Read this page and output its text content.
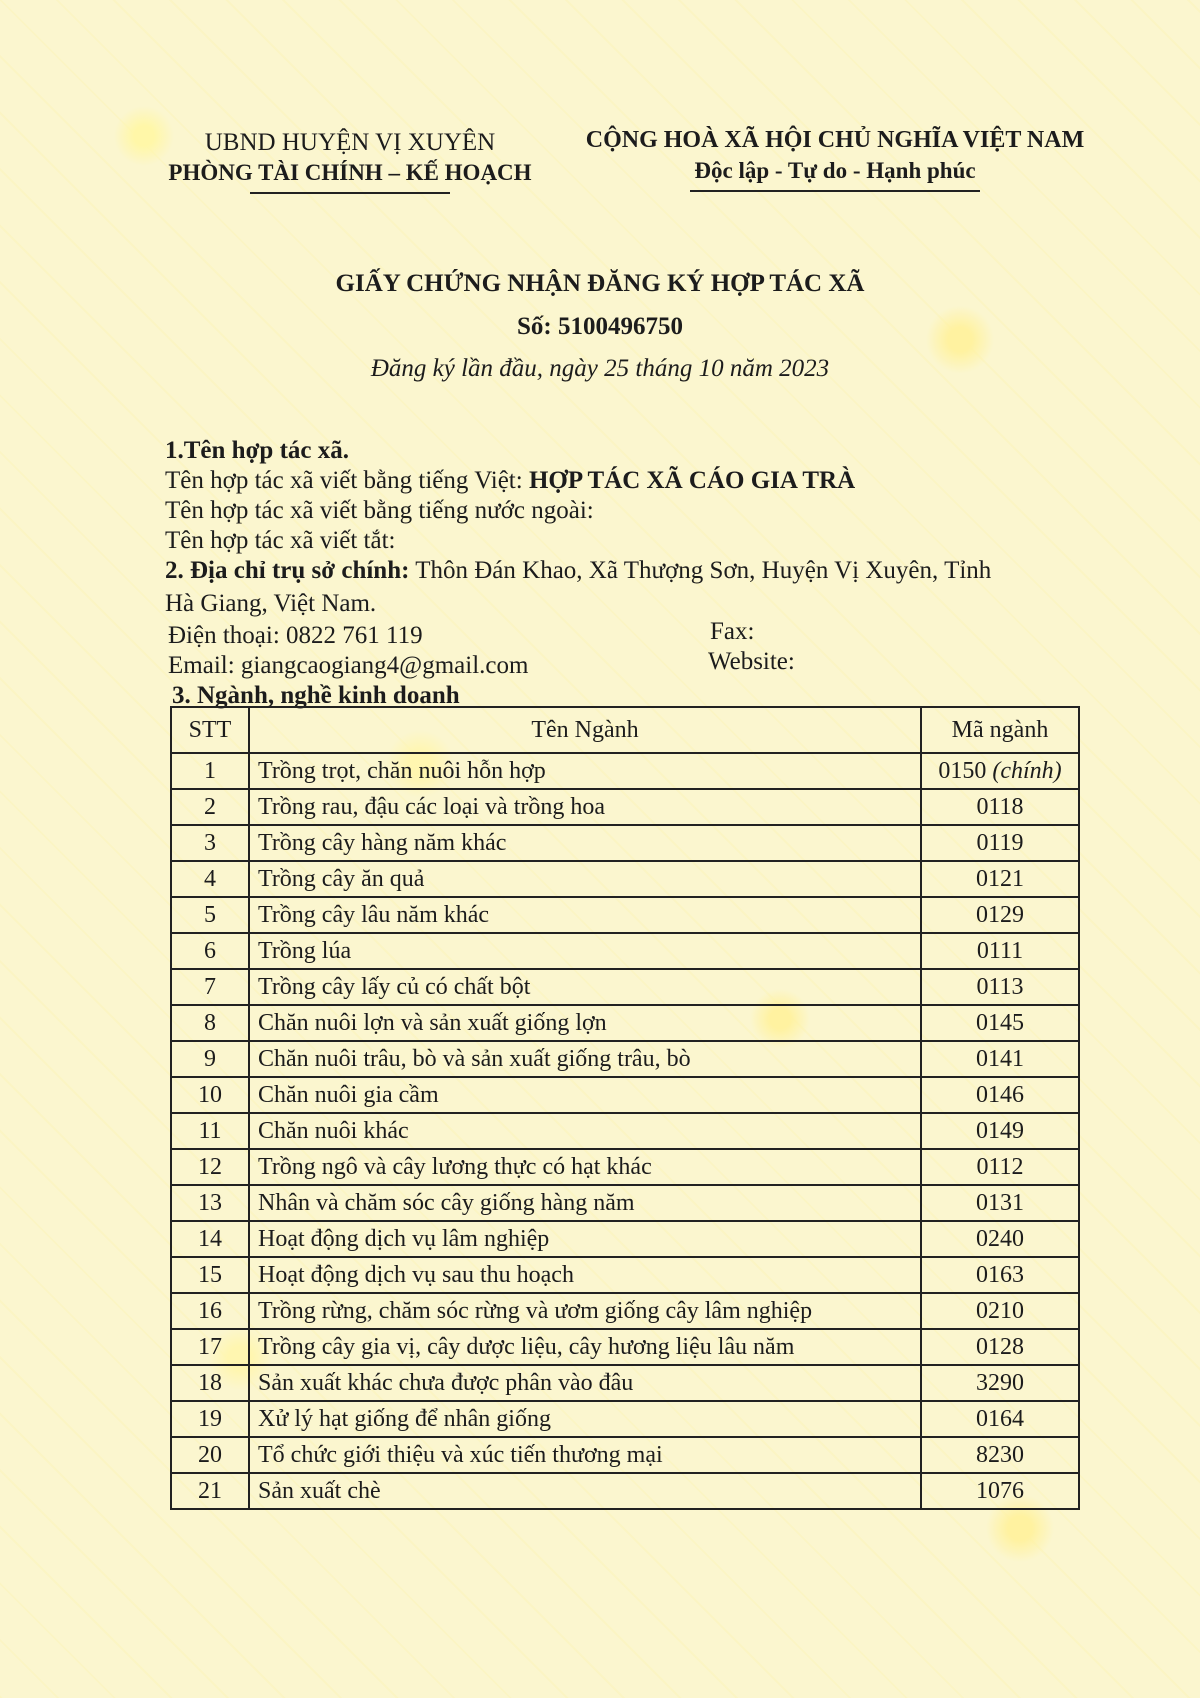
UBND HUYỆN VỊ XUYÊN
PHÒNG TÀI CHÍNH – KẾ HOẠCH
CỘNG HOÀ XÃ HỘI CHỦ NGHĨA VIỆT NAM
Độc lập - Tự do - Hạnh phúc
GIẤY CHỨNG NHẬN ĐĂNG KÝ HỢP TÁC XÃ
Số: 5100496750
Đăng ký lần đầu, ngày 25 tháng 10 năm 2023
1.Tên hợp tác xã.
Tên hợp tác xã viết bằng tiếng Việt: HỢP TÁC XÃ CÁO GIA TRÀ
Tên hợp tác xã viết bằng tiếng nước ngoài:
Tên hợp tác xã viết tắt:
2. Địa chỉ trụ sở chính: Thôn Đán Khao, Xã Thượng Sơn, Huyện Vị Xuyên, Tỉnh
Hà Giang, Việt Nam.
Điện thoại: 0822 761 119	Fax:
Email: giangcaogiang4@gmail.com	Website:
3. Ngành, nghề kinh doanh
STT	Tên Ngành	Mã ngành
1	Trồng trọt, chăn nuôi hỗn hợp	0150 (chính)
2	Trồng rau, đậu các loại và trồng hoa	0118
3	Trồng cây hàng năm khác	0119
4	Trồng cây ăn quả	0121
5	Trồng cây lâu năm khác	0129
6	Trồng lúa	0111
7	Trồng cây lấy củ có chất bột	0113
8	Chăn nuôi lợn và sản xuất giống lợn	0145
9	Chăn nuôi trâu, bò và sản xuất giống trâu, bò	0141
10	Chăn nuôi gia cầm	0146
11	Chăn nuôi khác	0149
12	Trồng ngô và cây lương thực có hạt khác	0112
13	Nhân và chăm sóc cây giống hàng năm	0131
14	Hoạt động dịch vụ lâm nghiệp	0240
15	Hoạt động dịch vụ sau thu hoạch	0163
16	Trồng rừng, chăm sóc rừng và ươm giống cây lâm nghiệp	0210
17	Trồng cây gia vị, cây dược liệu, cây hương liệu lâu năm	0128
18	Sản xuất khác chưa được phân vào đâu	3290
19	Xử lý hạt giống để nhân giống	0164
20	Tổ chức giới thiệu và xúc tiến thương mại	8230
21	Sản xuất chè	1076
